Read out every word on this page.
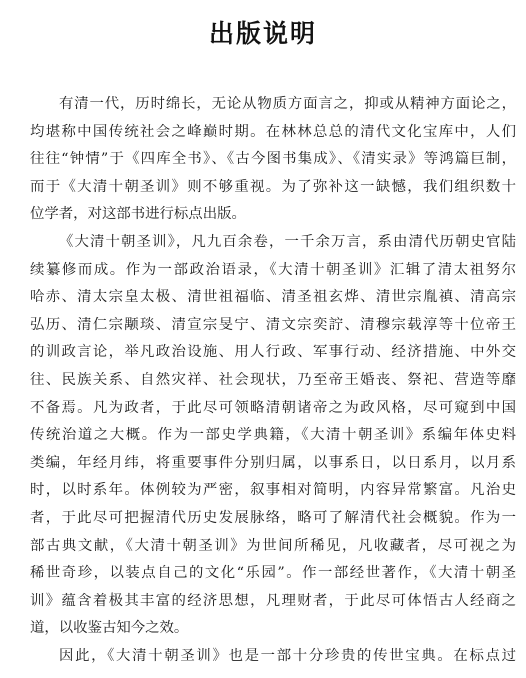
出版说明
有清一代，历时绵长，无论从物质方面言之，抑或从精神方面论之，
均堪称中国传统社会之峰巅时期。在林林总总的清代文化宝库中，人们
往往“钟情”于《四库全书》、《古今图书集成》、《清实录》等鸿篇巨制，
而于《大清十朝圣训》则不够重视。为了弥补这一缺憾，我们组织数十
位学者，对这部书进行标点出版。
《大清十朝圣训》，凡九百余卷，一千余万言，系由清代历朝史官陆
续纂修而成。作为一部政治语录，《大清十朝圣训》汇辑了清太祖努尔
哈赤、清太宗皇太极、清世祖福临、清圣祖玄烨、清世宗胤禛、清高宗
弘历、清仁宗颙琰、清宣宗旻宁、清文宗奕詝、清穆宗载淳等十位帝王
的训政言论，举凡政治设施、用人行政、军事行动、经济措施、中外交
往、民族关系、自然灾祥、社会现状，乃至帝王婚丧、祭祀、营造等靡
不备焉。凡为政者，于此尽可领略清朝诸帝之为政风格，尽可窥到中国
传统治道之大概。作为一部史学典籍，《大清十朝圣训》系编年体史料
类编，年经月纬，将重要事件分别归属，以事系日，以日系月，以月系
时，以时系年。体例较为严密，叙事相对简明，内容异常繁富。凡治史
者，于此尽可把握清代历史发展脉络，略可了解清代社会概貌。作为一
部古典文献，《大清十朝圣训》为世间所稀见，凡收藏者，尽可视之为
稀世奇珍，以装点自己的文化“乐园”。作一部经世著作，《大清十朝圣
训》蕴含着极其丰富的经济思想，凡理财者，于此尽可体悟古人经商之
道，以收鉴古知今之效。
因此，《大清十朝圣训》也是一部十分珍贵的传世宝典。在标点过
